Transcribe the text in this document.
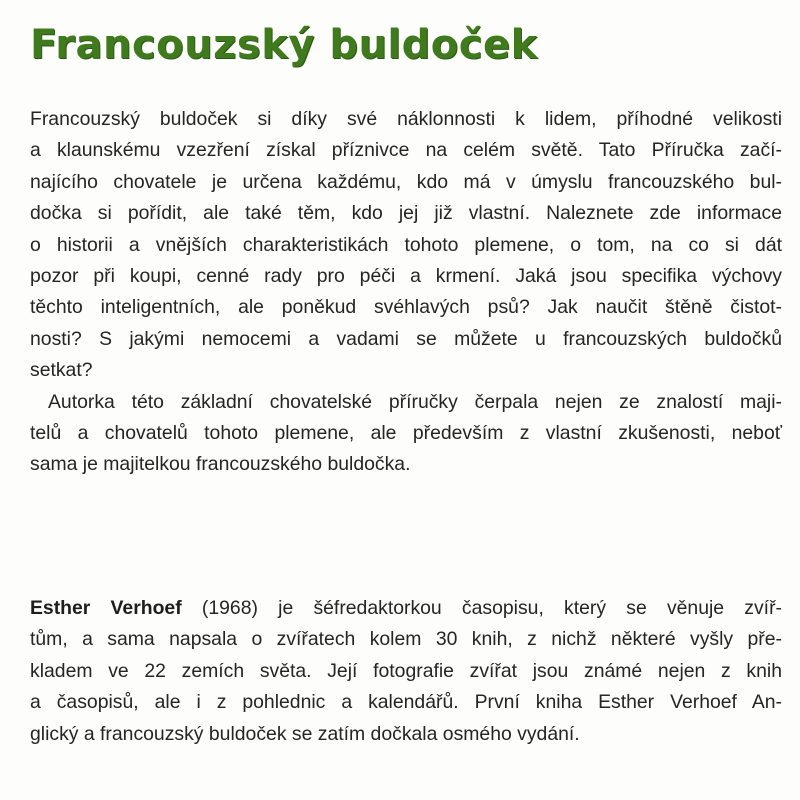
Francouzský buldoček
Francouzský buldoček si díky své náklonnosti k lidem, příhodné velikosti
a klaunskému vzezření získal příznivce na celém světě. Tato Příručka začí-
najícího chovatele je určena každému, kdo má v úmyslu francouzského bul-
dočka si pořídit, ale také těm, kdo jej již vlastní. Naleznete zde informace
o historii a vnějších charakteristikách tohoto plemene, o tom, na co si dát
pozor při koupi, cenné rady pro péči a krmení. Jaká jsou specifika výchovy
těchto inteligentních, ale poněkud svéhlavých psů? Jak naučit štěně čistot-
nosti? S jakými nemocemi a vadami se můžete u francouzských buldočků
setkat?
Autorka této základní chovatelské příručky čerpala nejen ze znalostí maji-
telů a chovatelů tohoto plemene, ale především z vlastní zkušenosti, neboť
sama je majitelkou francouzského buldočka.
Esther Verhoef (1968) je šéfredaktorkou časopisu, který se věnuje zvíř-
tům, a sama napsala o zvířatech kolem 30 knih, z nichž některé vyšly pře-
kladem ve 22 zemích světa. Její fotografie zvířat jsou známé nejen z knih
a časopisů, ale i z pohlednic a kalendářů. První kniha Esther Verhoef An-
glický a francouzský buldoček se zatím dočkala osmého vydání.
